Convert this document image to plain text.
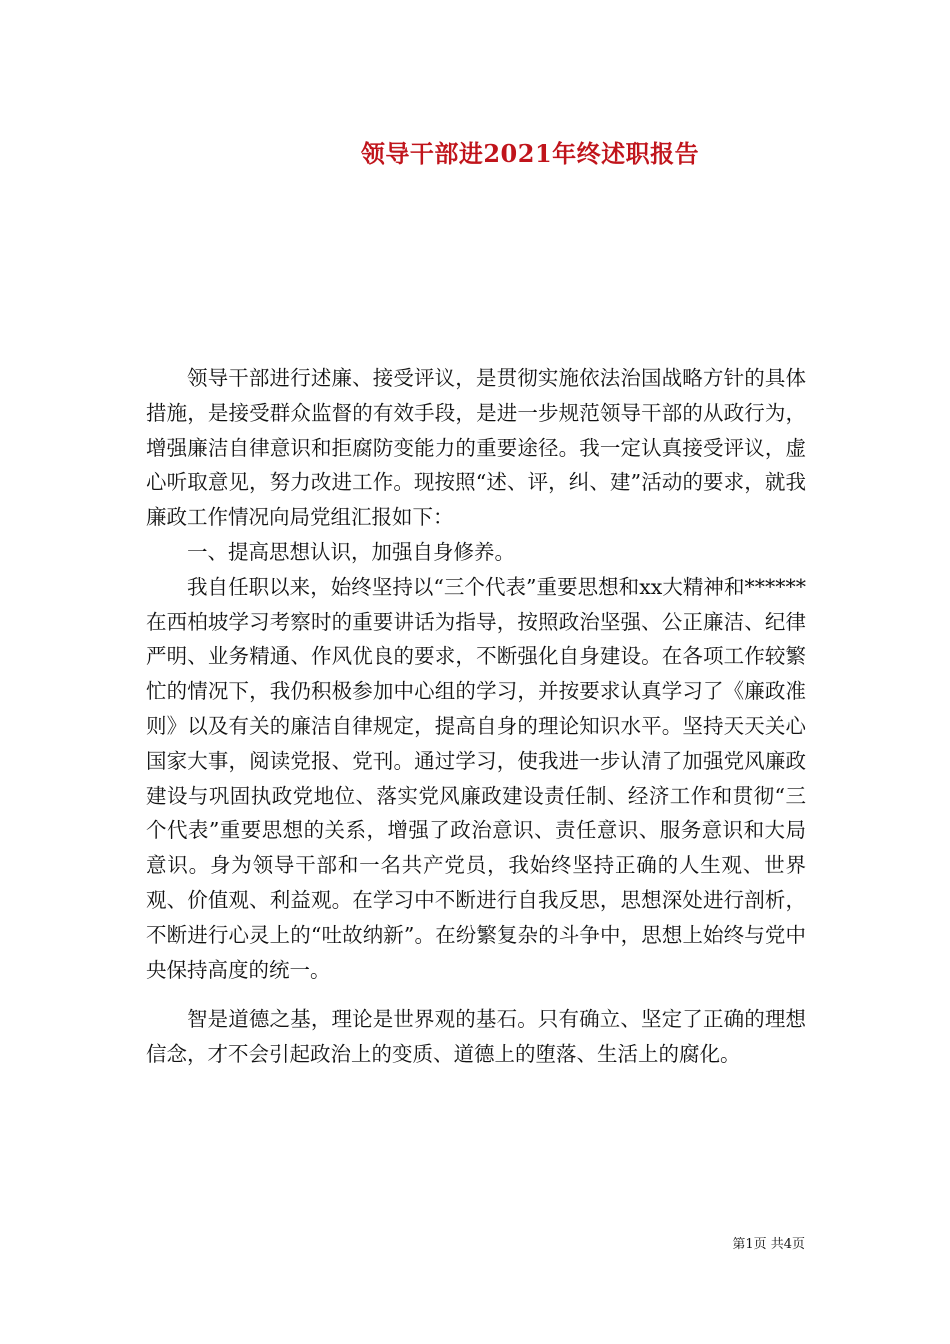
领导干部进2021年终述职报告

领导干部进行述廉、接受评议，是贯彻实施依法治国战略方针的具体措施，是接受群众监督的有效手段，是进一步规范领导干部的从政行为，增强廉洁自律意识和拒腐防变能力的重要途径。我一定认真接受评议，虚心听取意见，努力改进工作。现按照“述、评，纠、建”活动的要求，就我廉政工作情况向局党组汇报如下：

一、提高思想认识，加强自身修养。

我自任职以来，始终坚持以“三个代表”重要思想和xx大精神和******在西柏坡学习考察时的重要讲话为指导，按照政治坚强、公正廉洁、纪律严明、业务精通、作风优良的要求，不断强化自身建设。在各项工作较繁忙的情况下，我仍积极参加中心组的学习，并按要求认真学习了《廉政准则》以及有关的廉洁自律规定，提高自身的理论知识水平。坚持天天关心国家大事，阅读党报、党刊。通过学习，使我进一步认清了加强党风廉政建设与巩固执政党地位、落实党风廉政建设责任制、经济工作和贯彻“三个代表”重要思想的关系，增强了政治意识、责任意识、服务意识和大局意识。身为领导干部和一名共产党员，我始终坚持正确的人生观、世界观、价值观、利益观。在学习中不断进行自我反思，思想深处进行剖析，不断进行心灵上的“吐故纳新”。在纷繁复杂的斗争中，思想上始终与党中央保持高度的统一。

智是道德之基，理论是世界观的基石。只有确立、坚定了正确的理想信念，才不会引起政治上的变质、道德上的堕落、生活上的腐化。

第1页 共4页
